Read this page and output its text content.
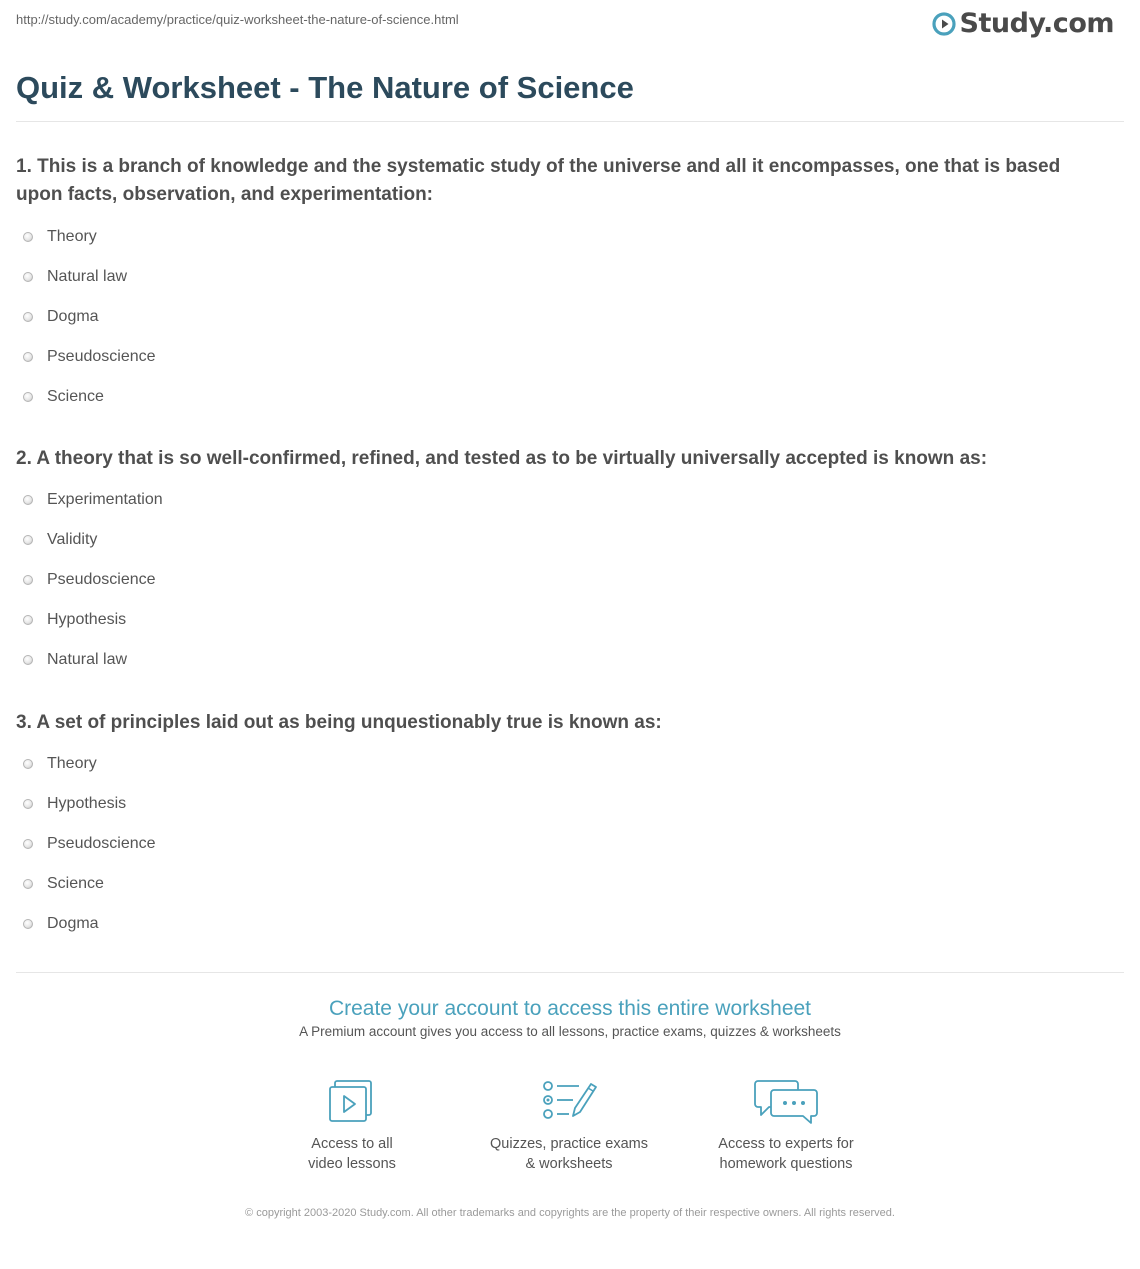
http://study.com/academy/practice/quiz-worksheet-the-nature-of-science.html	Study.com
Quiz & Worksheet - The Nature of Science

1. This is a branch of knowledge and the systematic study of the universe and all it encompasses, one that is based upon facts, observation, and experimentation:

Theory
Natural law
Dogma
Pseudoscience
Science

2. A theory that is so well-confirmed, refined, and tested as to be virtually universally accepted is known as:

Experimentation
Validity
Pseudoscience
Hypothesis
Natural law

3. A set of principles laid out as being unquestionably true is known as:

Theory
Hypothesis
Pseudoscience
Science
Dogma

Create your account to access this entire worksheet

A Premium account gives you access to all lessons, practice exams, quizzes & worksheets

Access to all
video lessons
Quizzes, practice exams
& worksheets
Access to experts for
homework questions
© copyright 2003-2020 Study.com. All other trademarks and copyrights are the property of their respective owners. All rights reserved.
